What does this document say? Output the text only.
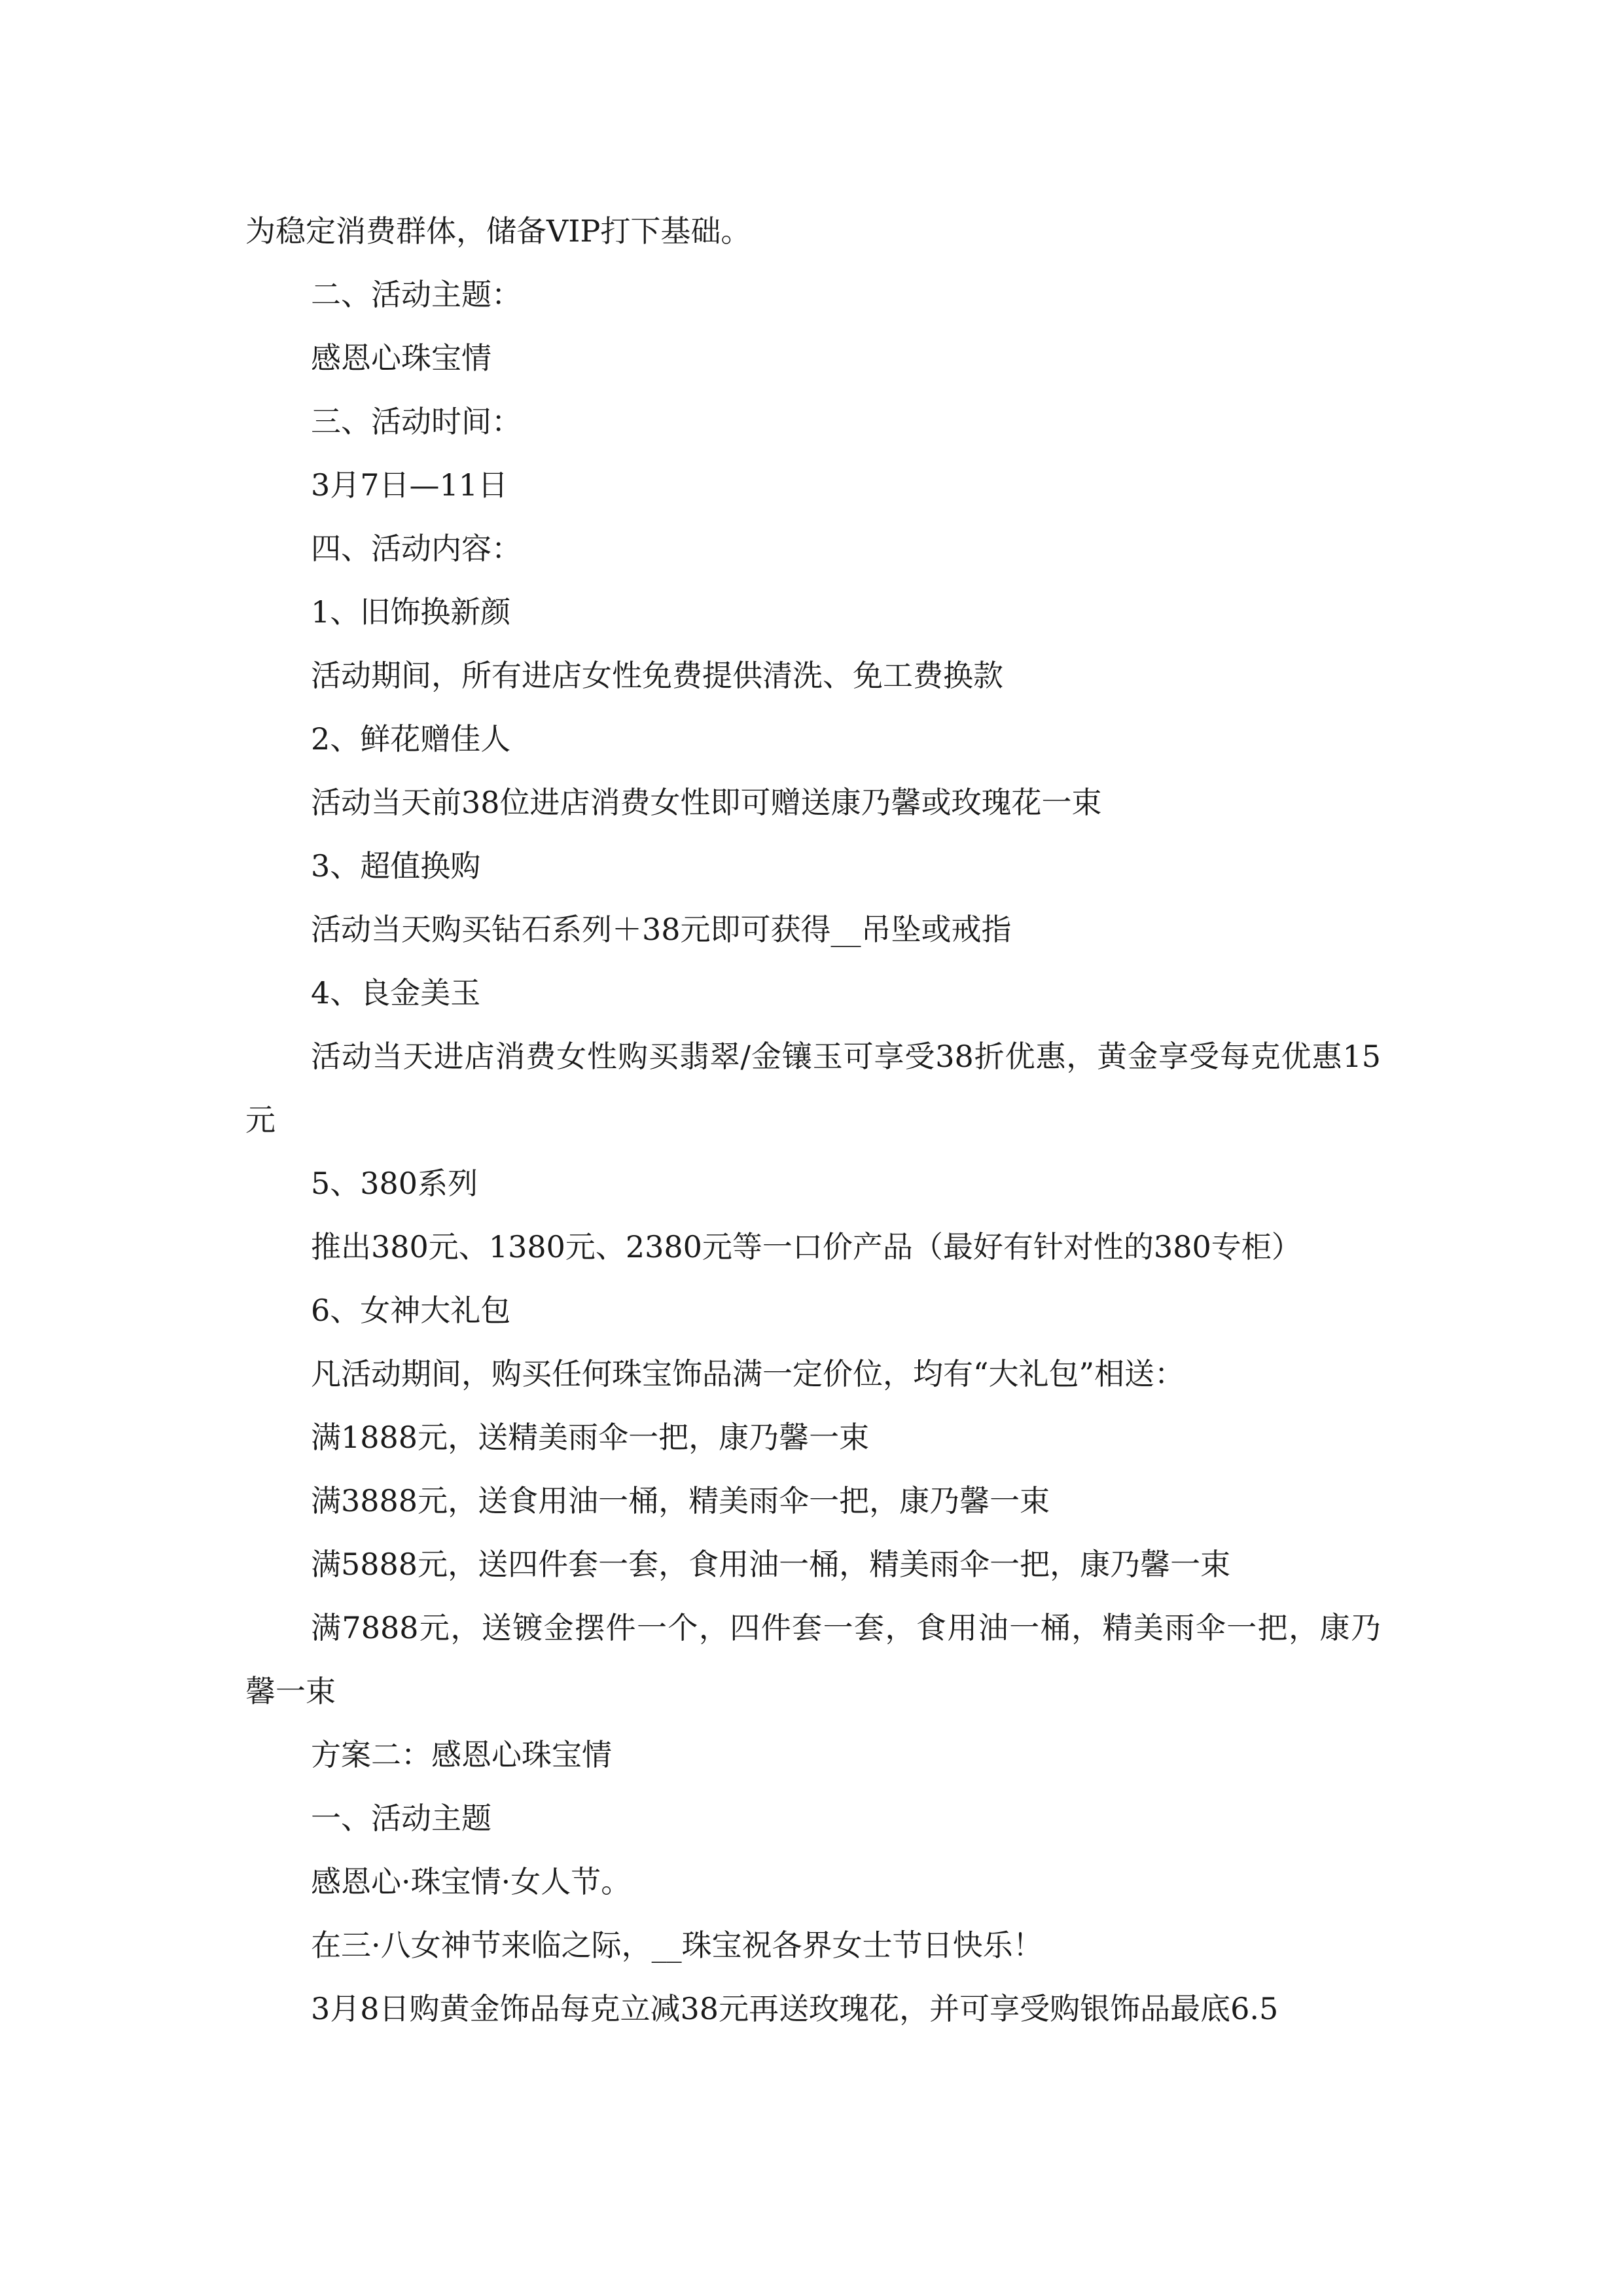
为稳定消费群体，储备VIP打下基础。

二、活动主题：

感恩心珠宝情

三、活动时间：

3月7日—11日

四、活动内容：

1、旧饰换新颜

活动期间，所有进店女性免费提供清洗、免工费换款

2、鲜花赠佳人

活动当天前38位进店消费女性即可赠送康乃馨或玫瑰花一束

3、超值换购

活动当天购买钻石系列＋38元即可获得__吊坠或戒指

4、良金美玉

活动当天进店消费女性购买翡翠/金镶玉可享受38折优惠，黄金享受每克优惠15元

5、380系列

推出380元、1380元、2380元等一口价产品（最好有针对性的380专柜）

6、女神大礼包

凡活动期间，购买任何珠宝饰品满一定价位，均有“大礼包”相送：

满1888元，送精美雨伞一把，康乃馨一束

满3888元，送食用油一桶，精美雨伞一把，康乃馨一束

满5888元，送四件套一套，食用油一桶，精美雨伞一把，康乃馨一束

满7888元，送镀金摆件一个，四件套一套，食用油一桶，精美雨伞一把，康乃馨一束

方案二：感恩心珠宝情

一、活动主题

感恩心·珠宝情·女人节。

在三·八女神节来临之际，__珠宝祝各界女士节日快乐！

3月8日购黄金饰品每克立减38元再送玫瑰花，并可享受购银饰品最底6.5
